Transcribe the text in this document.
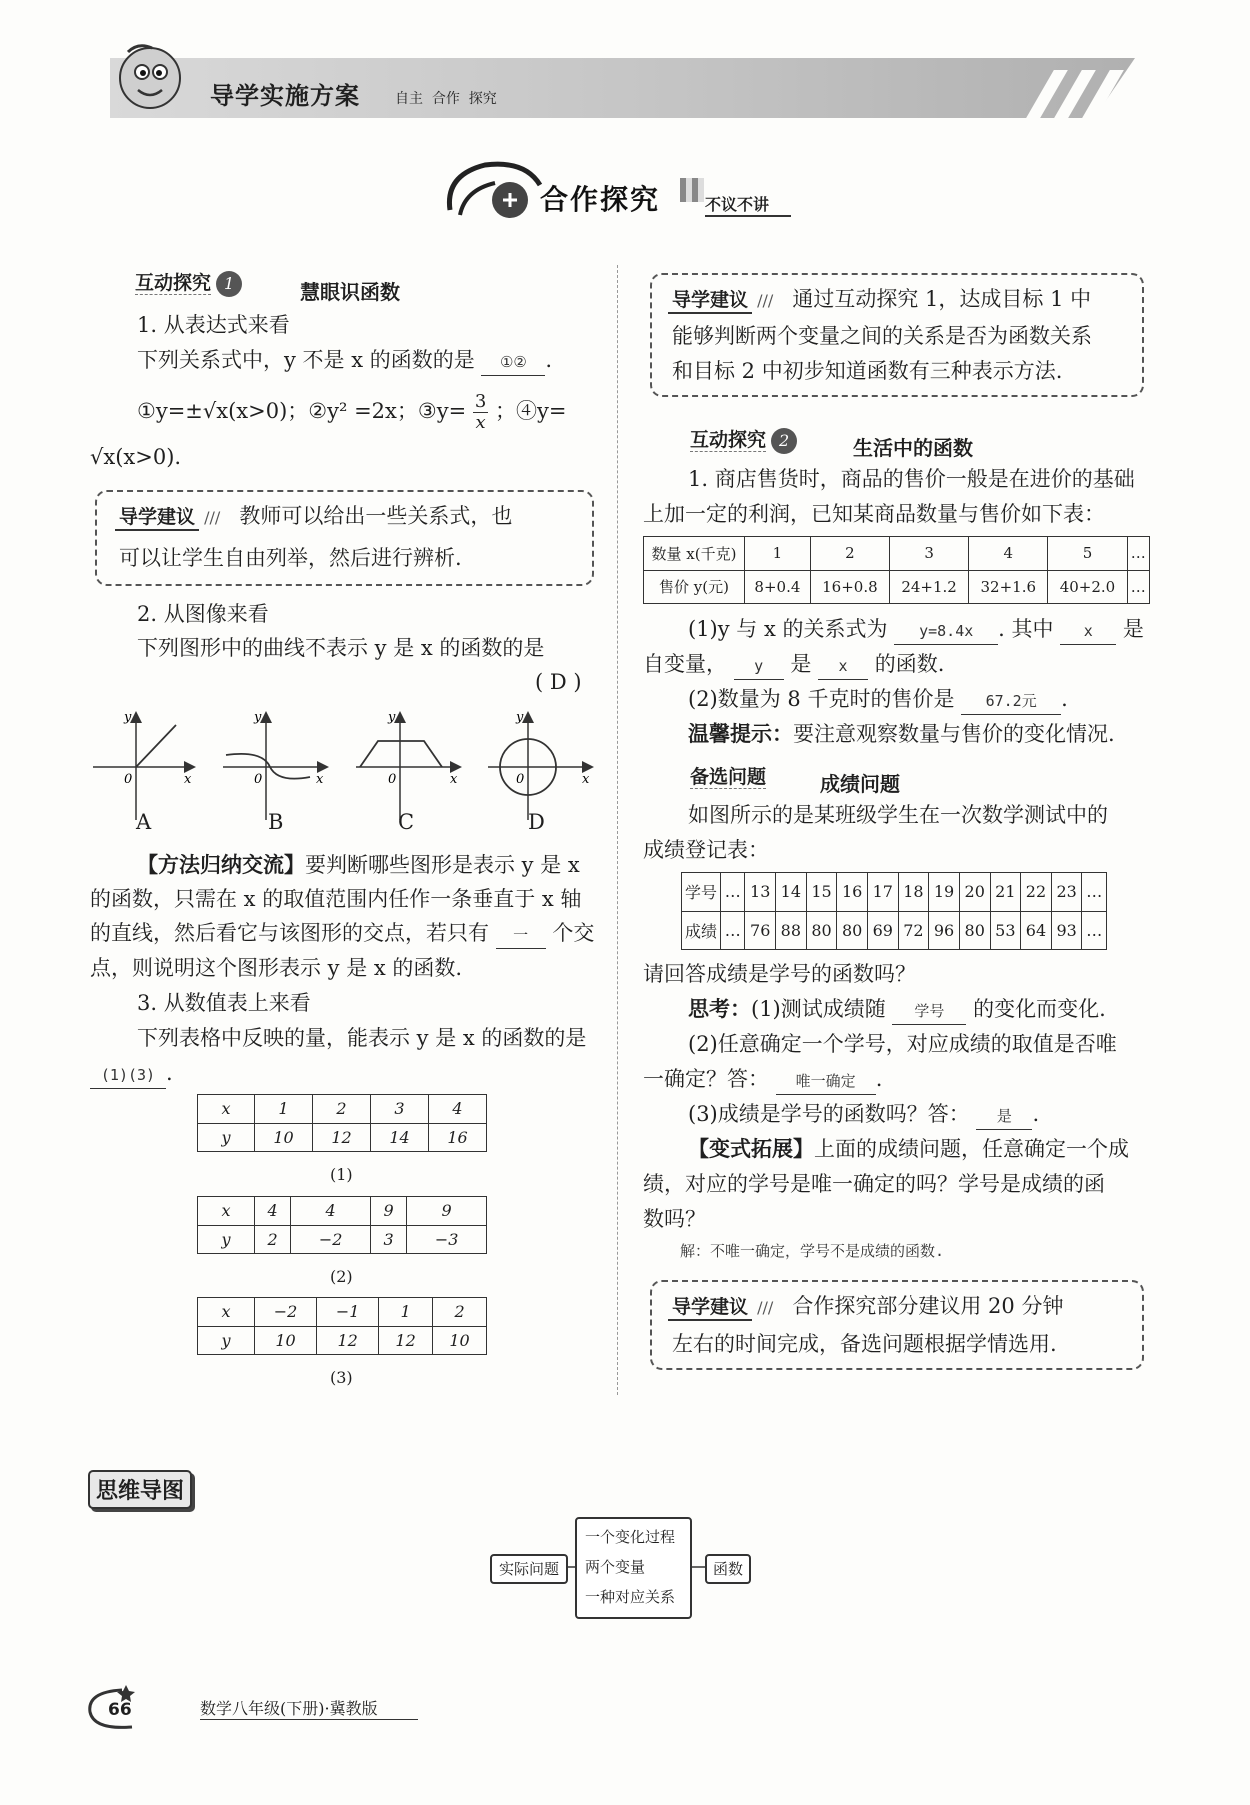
导学实施方案	自主  合作  探究
合作探究	不议不讲
互动探究 1	慧眼识函数
1. 从表达式来看
下列关系式中，y 不是 x 的函数的是 ①② .
①y=±√x(x>0)；②y² =2x；③y= $\frac{3}{x}$ ；④y=
√x(x>0).
导学建议 /// 教师可以给出一些关系式，也
可以让学生自由列举，然后进行辨析.
2. 从图像来看
下列图形中的曲线不表示 y 是 x 的函数的是
( D )
0	x
y
0	x
y
0	x
y
0	x
y
A	B	C	D
【方法归纳交流】要判断哪些图形是表示 y 是 x
的函数，只需在 x 的取值范围内任作一条垂直于 x 轴
的直线，然后看它与该图形的交点，若只有 一 个交
点，则说明这个图形表示 y 是 x 的函数.
3. 从数值表上来看
下列表格中反映的量，能表示 y 是 x 的函数的是
(1)(3) .
x	1	2	3	4
y	10	12	14	16
(1)
x	4	4	9	9
y	2	−2	3	−3
(2)
x	−2	−1	1	2
y	10	12	12	10
(3)
导学建议 /// 通过互动探究 1，达成目标 1 中
能够判断两个变量之间的关系是否为函数关系
和目标 2 中初步知道函数有三种表示方法.
互动探究 2	生活中的函数
1. 商店售货时，商品的售价一般是在进价的基础
上加一定的利润，已知某商品数量与售价如下表：
数量 x(千克)	1	2	3	4	5	…
售价 y(元)	8+0.4	16+0.8	24+1.2	32+1.6	40+2.0	…
(1)y 与 x 的关系式为 y=8.4x . 其中 x 是
自变量， y 是 x 的函数.
(2)数量为 8 千克时的售价是 67.2元 .
温馨提示：要注意观察数量与售价的变化情况.
备选问题	成绩问题
如图所示的是某班级学生在一次数学测试中的
成绩登记表：
学号	…	13	14	15	16	17	18	19	20	21	22	23	…
成绩	…	76	88	80	80	69	72	96	80	53	64	93	…
请回答成绩是学号的函数吗？
思考：(1)测试成绩随 学号 的变化而变化.
(2)任意确定一个学号，对应成绩的取值是否唯
一确定？答： 唯一确定 .
(3)成绩是学号的函数吗？答： 是 .
【变式拓展】上面的成绩问题，任意确定一个成
绩，对应的学号是唯一确定的吗？学号是成绩的函
数吗？
解：不唯一确定，学号不是成绩的函数.
导学建议 /// 合作探究部分建议用 20 分钟
左右的时间完成，备选问题根据学情选用.
思维导图
实际问题
一个变化过程
两个变量
一种对应关系
函数
66	数学八年级(下册)·冀教版
